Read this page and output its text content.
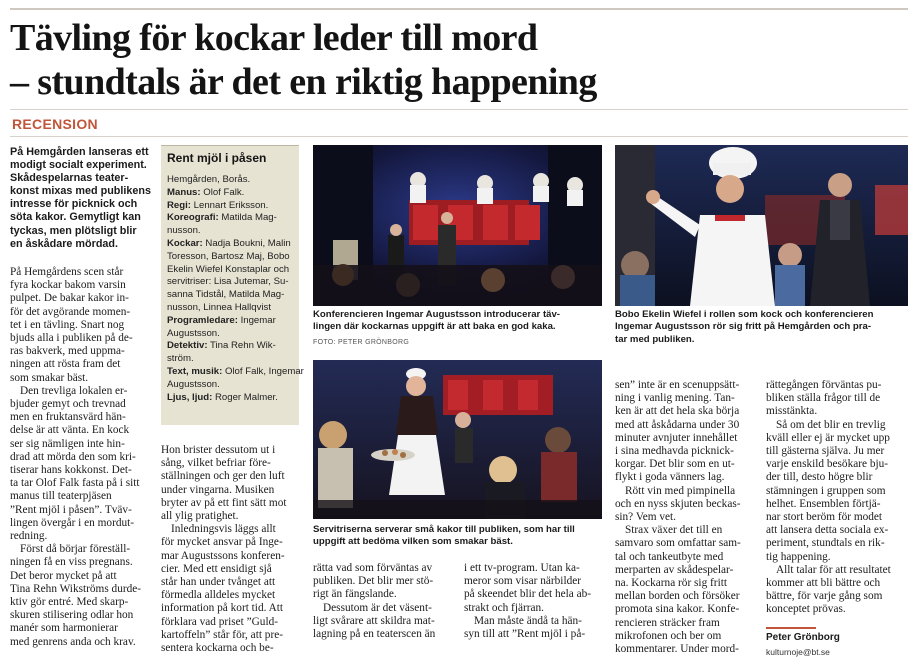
Tävling för kockar leder till mord
– stundtals är det en riktig happening
RECENSION
På Hemgården lanseras ett
modigt socialt experiment.
Skådespelarnas teater-
konst mixas med publikens
intresse för picknick och
söta kakor. Gemytligt kan
tyckas, men plötsligt blir
en åskådare mördad.
På Hemgårdens scen står
fyra kockar bakom varsin
pulpet. De bakar kakor in-
för det avgörande momen-
tet i en tävling. Snart nog
bjuds alla i publiken på de-
ras bakverk, med uppma-
ningen att rösta fram det
som smakar bäst.
Den trevliga lokalen er-
bjuder gemyt och trevnad
men en fruktansvärd hän-
delse är att vänta. En kock
ser sig nämligen inte hin-
drad att mörda den som kri-
tiserar hans kokkonst. Det-
ta tar Olof Falk fasta på i sitt
manus till teaterpjäsen
”Rent mjöl i påsen”. Tväv-
lingen övergår i en mordut-
redning.
Först då börjar föreställ-
ningen få en viss pregnans.
Det beror mycket på att
Tina Rehn Wikströms durde-
ktiv gör entré. Med skarp-
skuren stilisering odlar hon
manér som harmonierar
med genrens anda och krav.
Rent mjöl i påsen
Hemgården, Borås.
Manus: Olof Falk.
Regi: Lennart Eriksson.
Koreografi: Matilda Mag-
nusson.
Kockar: Nadja Boukni, Malin
Toresson, Bartosz Maj, Bobo
Ekelin Wiefel Konstaplar och
servitriser: Lisa Jutemar, Su-
sanna Tidstål, Matilda Mag-
nusson, Linnea Hallqvist
Programledare: Ingemar
Augustsson.
Detektiv: Tina Rehn Wik-
ström.
Text, musik: Olof Falk, Ingemar
Augustsson.
Ljus, ljud: Roger Malmer.
Hon brister dessutom ut i
sång, vilket befriar före-
ställningen och ger den luft
under vingarna. Musiken
bryter av på ett fint sätt mot
all ylig pratighet.
Inledningsvis läggs allt
för mycket ansvar på Inge-
mar Augustssons konferen-
cier. Med ett ensidigt sjå
står han under tvånget att
förmedla alldeles mycket
information på kort tid. Att
förklara vad priset ”Guld-
kartoffeln” står för, att pre-
sentera kockarna och be-
Konferencieren Ingemar Augustsson introducerar täv-
lingen där kockarnas uppgift är att baka en god kaka.
FOTO: PETER GRÖNBORG
Bobo Ekelin Wiefel i rollen som kock och konferencieren
Ingemar Augustsson rör sig fritt på Hemgården och pra-
tar med publiken.
Servitriserna serverar små kakor till publiken, som har till
uppgift att bedöma vilken som smakar bäst.
rätta vad som förväntas av
publiken. Det blir mer stö-
rigt än fängslande.
Dessutom är det väsent-
ligt svårare att skildra mat-
lagning på en teaterscen än
i ett tv-program. Utan ka-
meror som visar närbilder
på skeendet blir det hela ab-
strakt och fjärran.
Man måste ändå ta hän-
syn till att ”Rent mjöl i på-
sen” inte är en scenuppsätt-
ning i vanlig mening. Tan-
ken är att det hela ska börja
med att åskådarna under 30
minuter avnjuter innehållet
i sina medhavda picknick-
korgar. Det blir som en ut-
flykt i goda vänners lag.
Rött vin med pimpinella
och en nyss skjuten beckas-
sin? Vem vet.
Strax växer det till en
samvaro som omfattar sam-
tal och tankeutbyte med
merparten av skådespelar-
na. Kockarna rör sig fritt
mellan borden och försöker
promota sina kakor. Konfe-
rencieren sträcker fram
mikrofonen och ber om
kommentarer. Under mord-
rättegången förväntas pu-
bliken ställa frågor till de
misstänkta.
Så om det blir en trevlig
kväll eller ej är mycket upp
till gästerna själva. Ju mer
varje enskild besökare bju-
der till, desto högre blir
stämningen i gruppen som
helhet. Ensemblen förtjä-
nar stort beröm för modet
att lansera detta sociala ex-
periment, stundtals en rik-
tig happening.
Allt talar för att resultatet
kommer att bli bättre och
bättre, för varje gång som
konceptet prövas.
Peter Grönborg
kulturnoje@bt.se
